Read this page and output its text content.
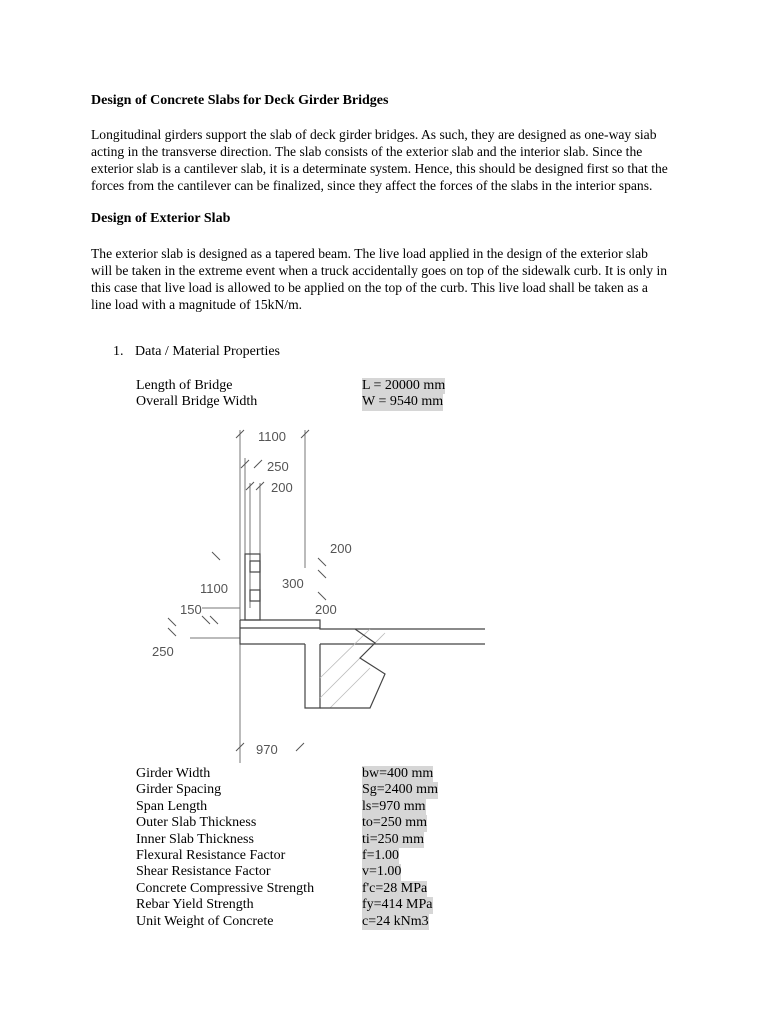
Design of Concrete Slabs for Deck Girder Bridges
Longitudinal girders support the slab of deck girder bridges. As such, they are designed as one-way siab
acting in the transverse direction. The slab consists of the exterior slab and the interior slab. Since the
exterior slab is a cantilever slab, it is a determinate system. Hence, this should be designed first so that the
forces from the cantilever can be finalized, since they affect the forces of the slabs in the interior spans.
Design of Exterior Slab
The exterior slab is designed as a tapered beam. The live load applied in the design of the exterior slab
will be taken in the extreme event when a truck accidentally goes on top of the sidewalk curb. It is only in
this case that live load is allowed to be applied on the top of the curb. This live load shall be taken as a
line load with a magnitude of 15kN/m.
1. Data / Material Properties
Length of Bridge	L = 20000 mm
Overall Bridge Width	W = 9540 mm
1100
250
200
200
300
1100
150	200
250
970
Girder Width	bw=400 mm
Girder Spacing	Sg=2400 mm
Span Length	ls=970 mm
Outer Slab Thickness	to=250 mm
Inner Slab Thickness	ti=250 mm
Flexural Resistance Factor	f=1.00
Shear Resistance Factor	v=1.00
Concrete Compressive Strength	f'c=28 MPa
Rebar Yield Strength	fy=414 MPa
Unit Weight of Concrete	c=24 kNm3
